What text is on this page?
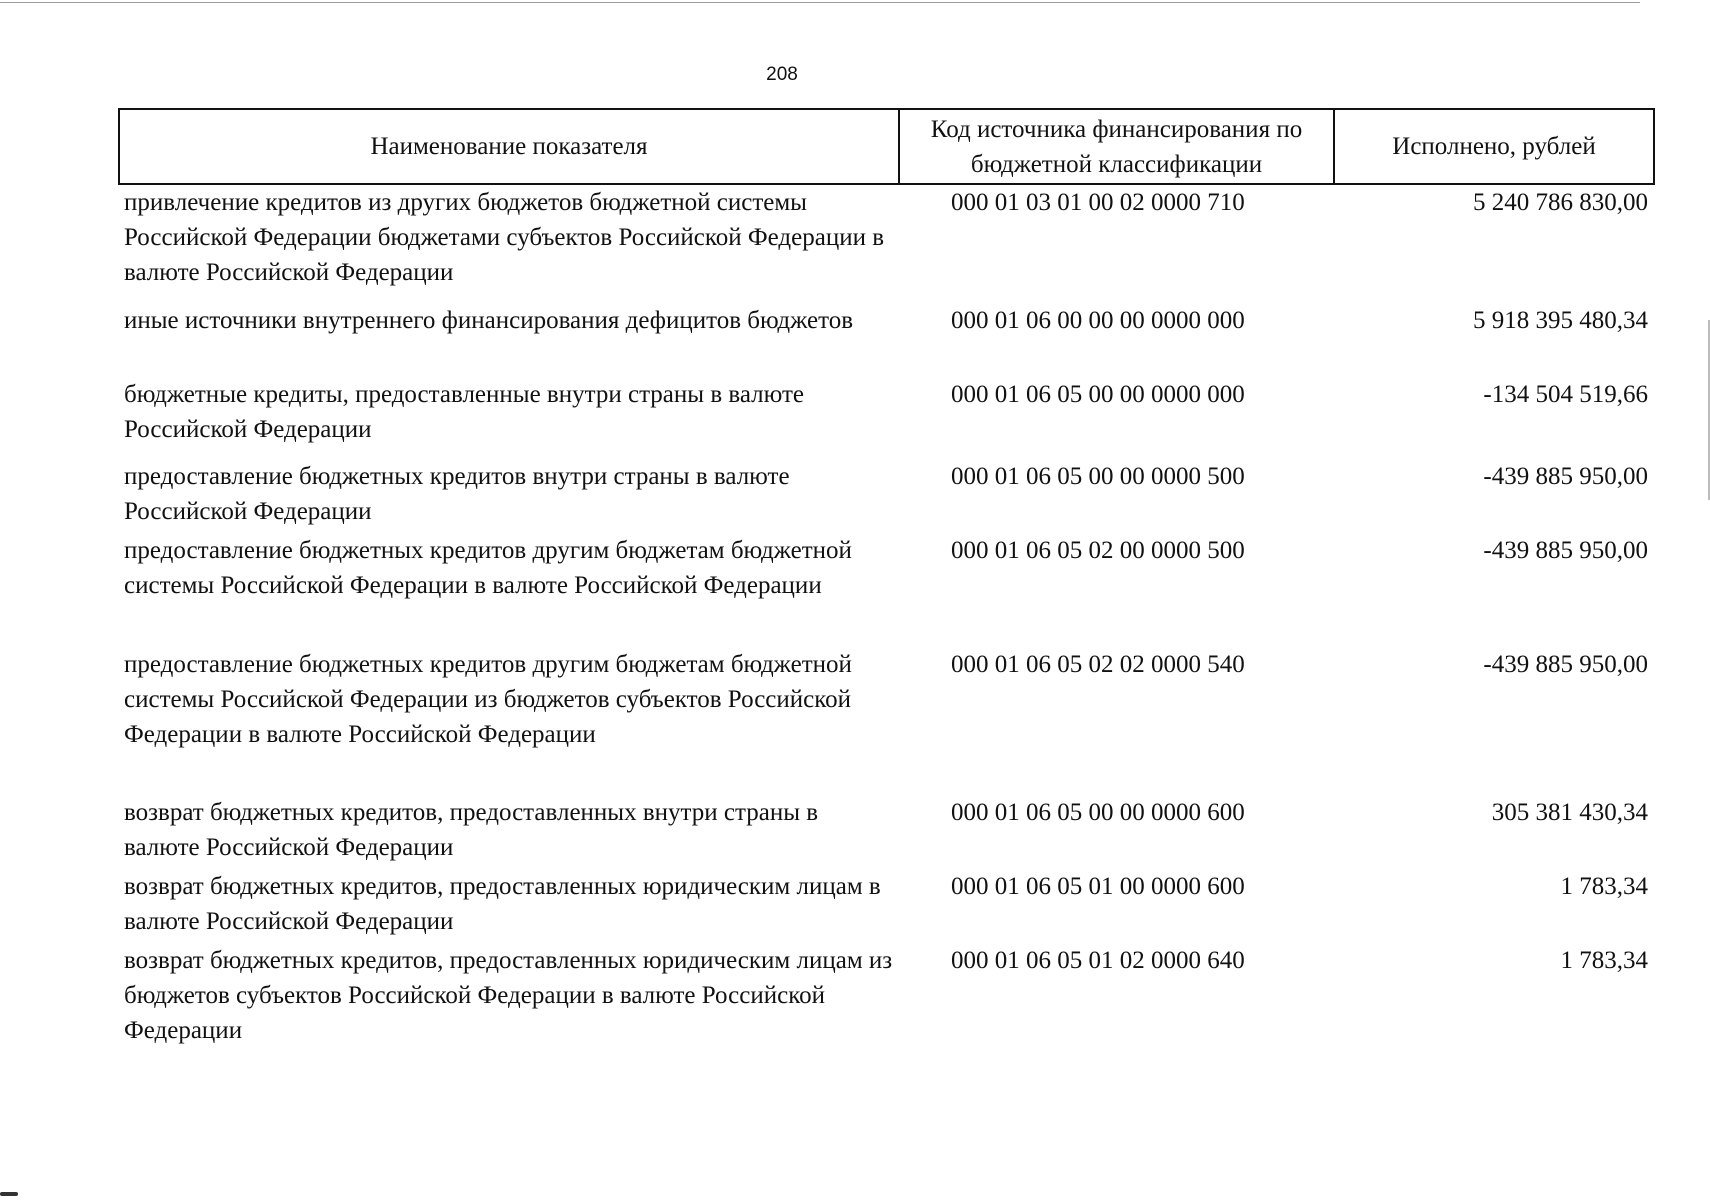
208
Наименование показателя	Код источника финансирования по бюджетной классификации	Исполнено, рублей
привлечение кредитов из других бюджетов бюджетной системы Российской Федерации бюджетами субъектов Российской Федерации в валюте Российской Федерации	000 01 03 01 00 02 0000 710	5 240 786 830,00
иные источники внутреннего финансирования дефицитов бюджетов	000 01 06 00 00 00 0000 000	5 918 395 480,34
бюджетные кредиты, предоставленные внутри страны в валюте Российской Федерации	000 01 06 05 00 00 0000 000	-134 504 519,66
предоставление бюджетных кредитов внутри страны в валюте Российской Федерации	000 01 06 05 00 00 0000 500	-439 885 950,00
предоставление бюджетных кредитов другим бюджетам бюджетной системы Российской Федерации в валюте Российской Федерации	000 01 06 05 02 00 0000 500	-439 885 950,00
предоставление бюджетных кредитов другим бюджетам бюджетной системы Российской Федерации из бюджетов субъектов Российской Федерации в валюте Российской Федерации	000 01 06 05 02 02 0000 540	-439 885 950,00
возврат бюджетных кредитов, предоставленных внутри страны в валюте Российской Федерации	000 01 06 05 00 00 0000 600	305 381 430,34
возврат бюджетных кредитов, предоставленных юридическим лицам в валюте Российской Федерации	000 01 06 05 01 00 0000 600	1 783,34
возврат бюджетных кредитов, предоставленных юридическим лицам из бюджетов субъектов Российской Федерации в валюте Российской Федерации	000 01 06 05 01 02 0000 640	1 783,34
